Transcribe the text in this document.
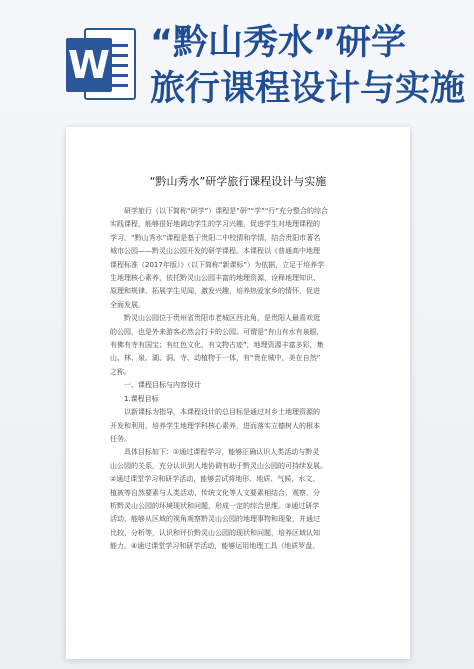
W “黔山秀水”研学
旅行课程设计与实施
“黔山秀水”研学旅行课程设计与实施

研学旅行（以下简称“研学”）课程是“研”“学”“行”充分整合的综合

实践课程，能够很好地调动学生的学习兴趣，促进学生对地理课程的

学习。“黔山秀水”课程是基于贵阳二中校情和学情，结合贵阳市著名

城市公园——黔灵山公园开发的研学课程。本课程以《普通高中地理

课程标准（2017年版）》（以下简称“新课标”）为依据，立足于培养学

生地理核心素养，依托黔灵山公园丰富的地理资源，诠释地理知识、

原理和规律，拓展学生见闻，激发兴趣，培养热爱家乡的情怀，促进

全面发展。

黔灵山公园位于贵州省贵阳市老城区西北角，是贵阳人最喜欢逛

的公园，也是外来游客必然会打卡的公园。可谓是“有山有水有泉眼，

有佛有寺有国宝；有红色文化，有文物古迹”，地理资源丰富多彩，集

山、林、泉、湖、洞、寺、动植物于一体，有“贵在城中，美在自然”

之称。

一、课程目标与内容设计

1.课程目标

以新课标为指导，本课程设计的总目标是通过对乡土地理资源的

开发和利用，培养学生地理学科核心素养，进而落实立德树人的根本

任务。

具体目标如下：①通过课程学习，能够正确认识人类活动与黔灵

山公园的关系，充分认识到人地协调有助于黔灵山公园的可持续发展。

②通过课堂学习和研学活动，能够尝试将地形、地质、气候、水文、

植被等自然要素与人类活动、传统文化等人文要素相结合，观察、分

析黔灵山公园的环境现状和问题，形成一定的综合思维。③通过研学

活动，能够从区域的视角观察黔灵山公园的地理事物和现象，并通过

比较、分析等，认识和评价黔灵山公园的现状和问题，培养区域认知

能力。④通过课堂学习和研学活动，能够运用地理工具（地质罗盘、
